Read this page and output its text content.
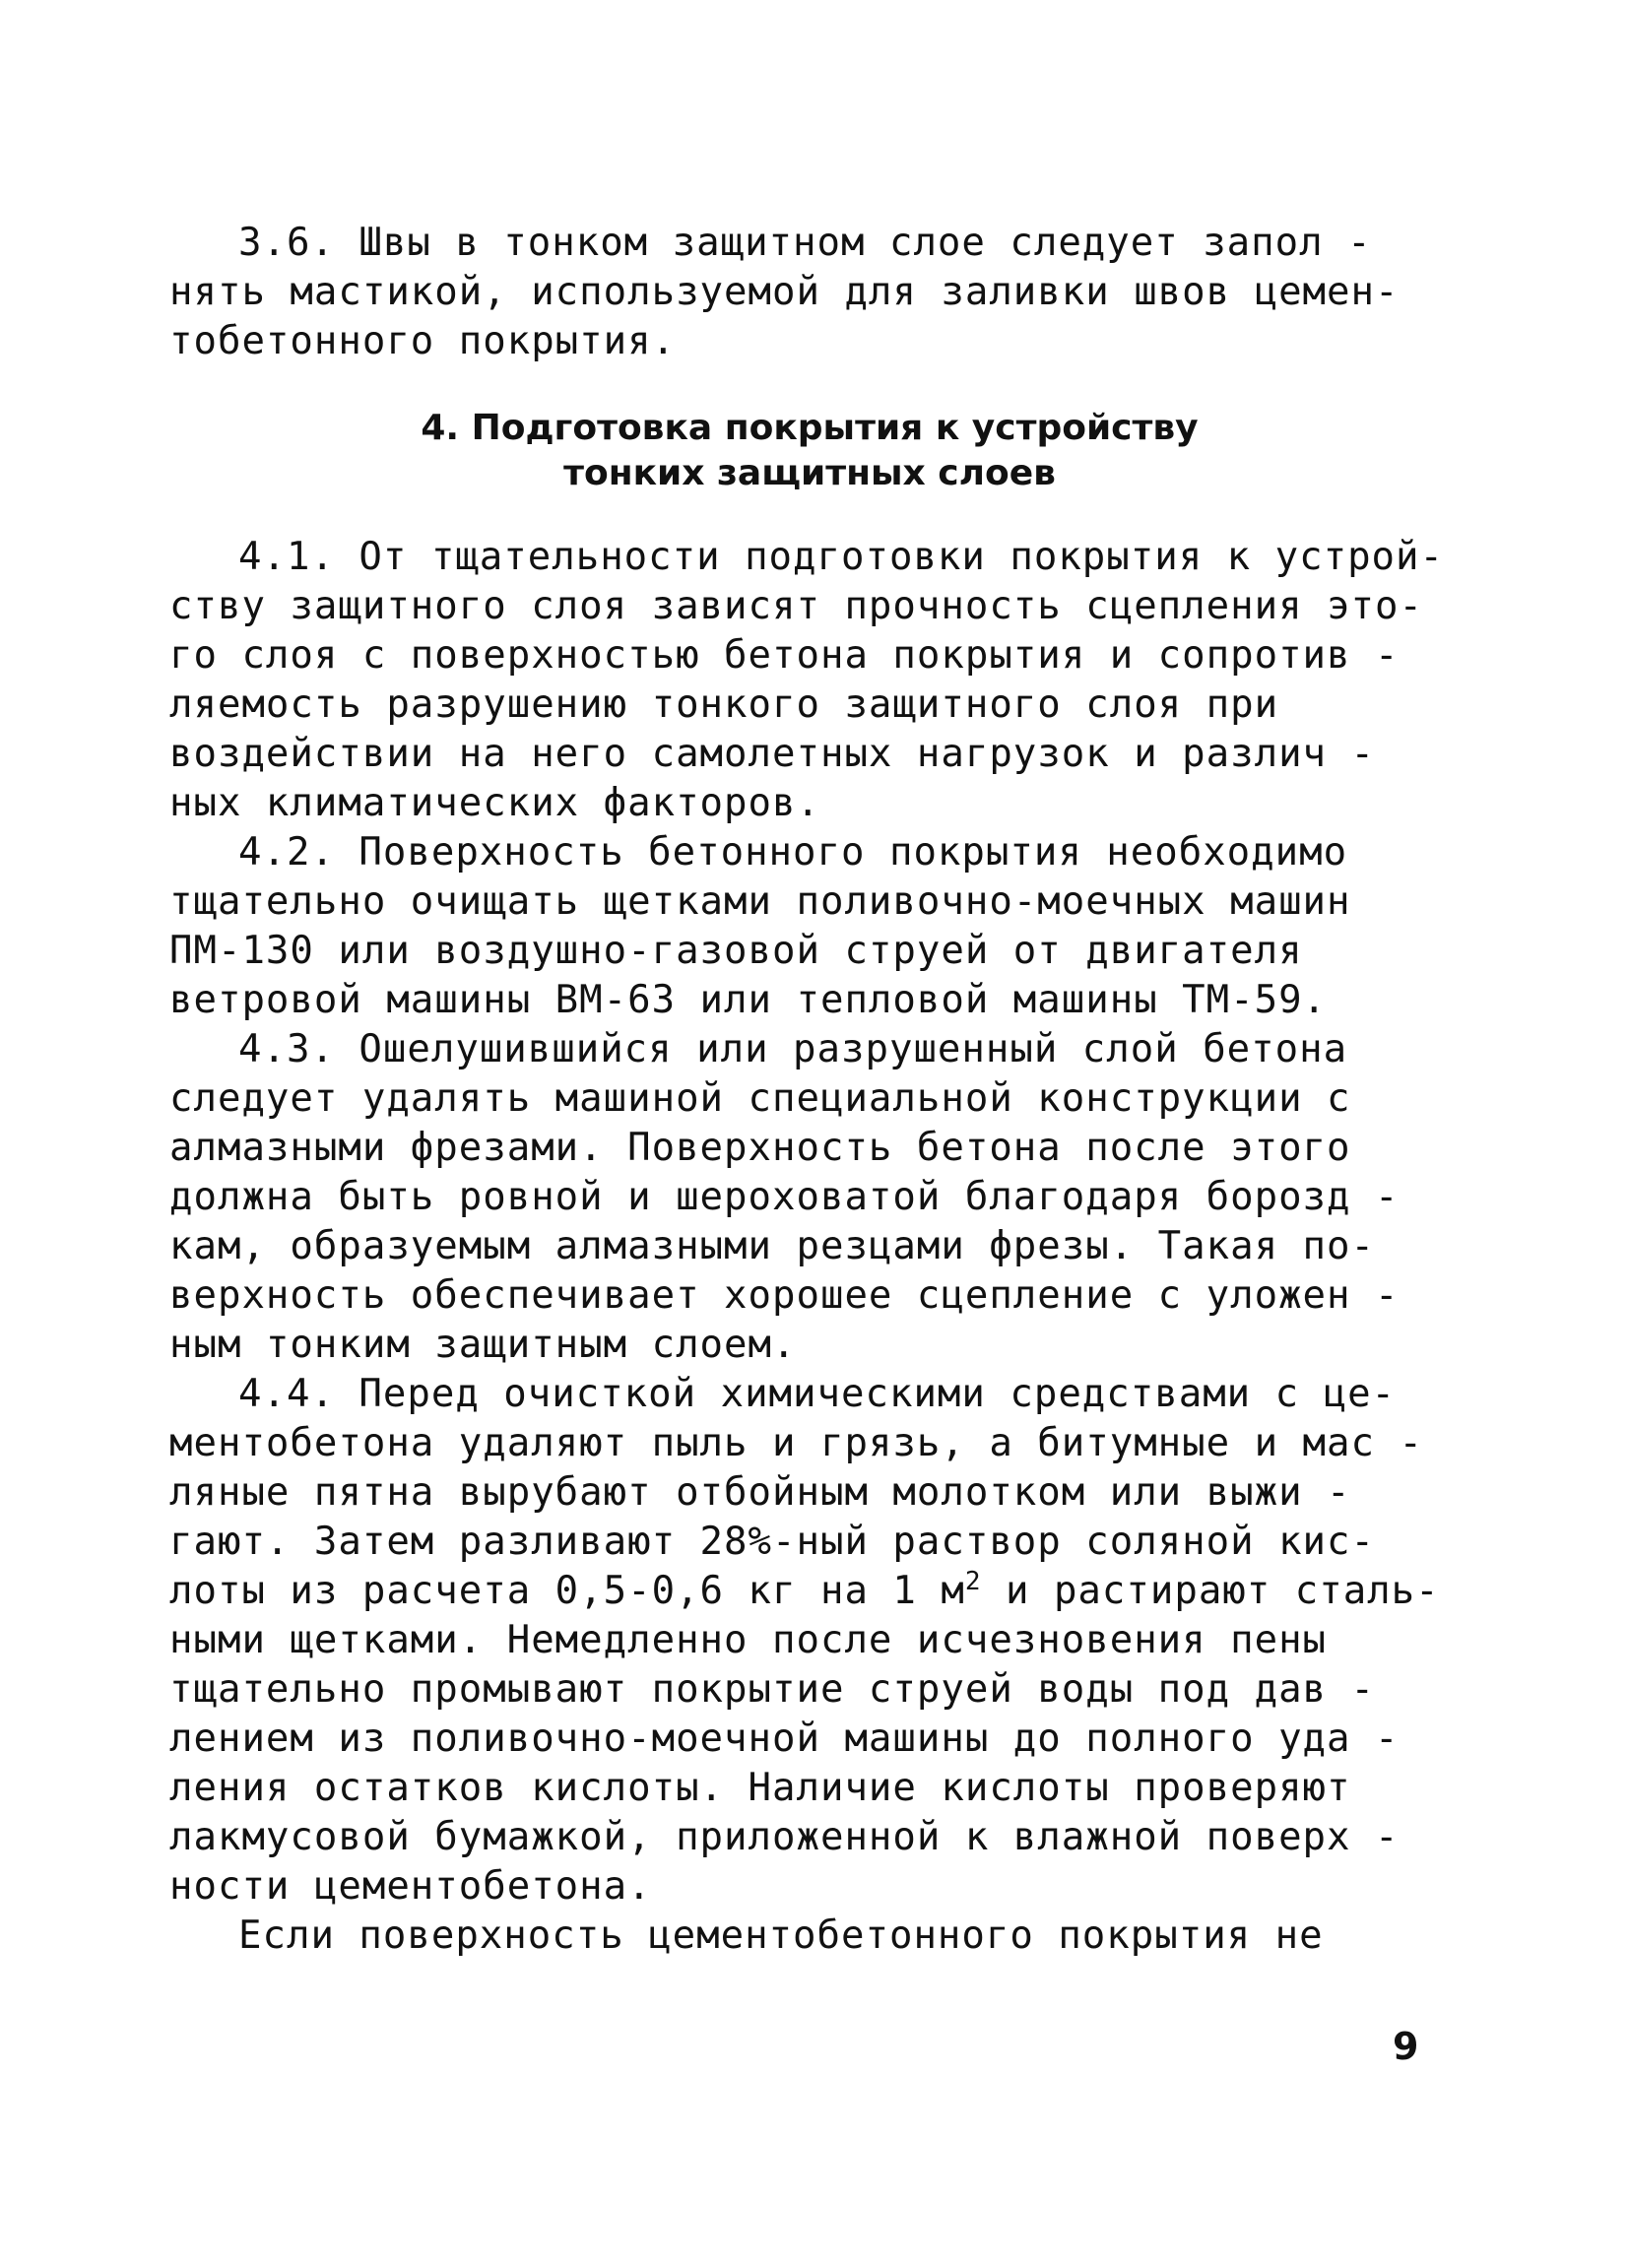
3.6. Швы в тонком защитном слое следует запол -
нять мастикой, используемой для заливки швов цемен-
тобетонного покрытия.
4. Подготовка покрытия к устройству
тонких защитных слоев
4.1. От тщательности подготовки покрытия к устрой-
ству защитного слоя зависят прочность сцепления это-
го слоя с поверхностью бетона покрытия и сопротив -
ляемость разрушению тонкого защитного слоя при
воздействии на него самолетных нагрузок и различ -
ных климатических факторов.
4.2. Поверхность бетонного покрытия необходимо
тщательно очищать щетками поливочно-моечных машин
ПМ-130 или воздушно-газовой струей от двигателя
ветровой машины ВМ-63 или тепловой машины ТМ-59.
4.3. Ошелушившийся или разрушенный слой бетона
следует удалять машиной специальной конструкции с
алмазными фрезами. Поверхность бетона после этого
должна быть ровной и шероховатой благодаря борозд -
кам, образуемым алмазными резцами фрезы. Такая по-
верхность обеспечивает хорошее сцепление с уложен -
ным тонким защитным слоем.
4.4. Перед очисткой химическими средствами с це-
ментобетона удаляют пыль и грязь, а битумные и мас -
ляные пятна вырубают отбойным молотком или выжи -
гают. Затем разливают 28%-ный раствор соляной кис-
лоты из расчета 0,5-0,6 кг на 1 $м^2$ и растирают сталь-
ными щетками. Немедленно после исчезновения пены
тщательно промывают покрытие струей воды под дав -
лением из поливочно-моечной машины до полного уда -
ления остатков кислоты. Наличие кислоты проверяют
лакмусовой бумажкой, приложенной к влажной поверх -
ности цементобетона.
Если поверхность цементобетонного покрытия не
9
